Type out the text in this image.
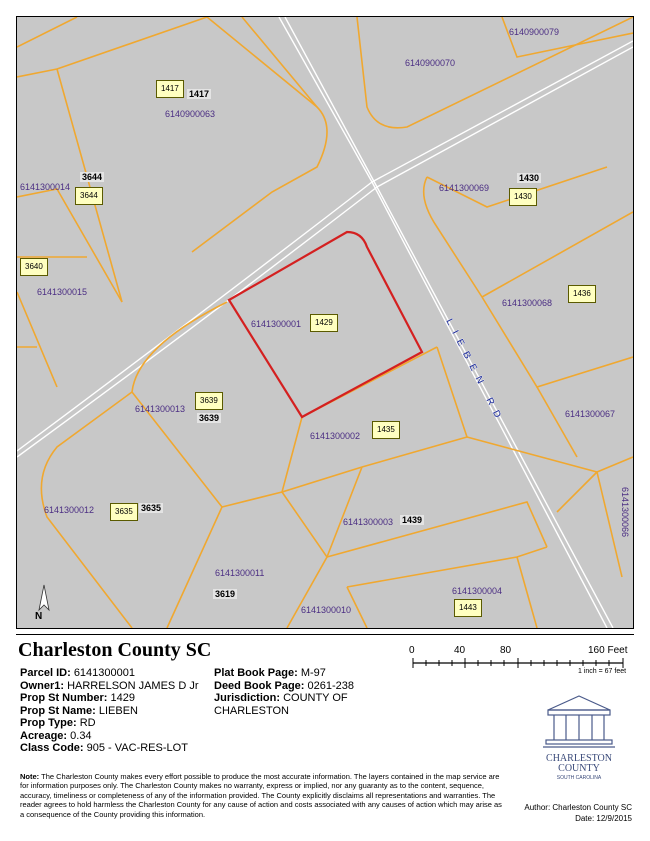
6140900079
6140900070
6140900063
6141300014
6141300015
6141300069
6141300068
6141300001
6141300067
6141300013
6141300002
6141300012
6141300003	6141300066
6141300011
6141300004
6141300010
1417
3644
3640
1430
1436
1429
3639
1435
3635
1443
1417
3644	1430
3639
3635
1439
3619
LIEBEN RD
N
Charleston County SC
Parcel ID: 6141300001
Owner1: HARRELSON JAMES D Jr
Prop St Number: 1429
Prop St Name: LIEBEN
Prop Type: RD
Acreage: 0.34
Class Code: 905 - VAC-RES-LOT
Plat Book Page: M-97
Deed Book Page: 0261-238
Jurisdiction: COUNTY OF
CHARLESTON
0	40	80	160 Feet
1 inch = 67 feet
CHARLESTON
COUNTY
SOUTH CAROLINA
Note: The Charleston County makes every effort possible to produce the most accurate information. The layers contained in the map service are for information purposes only. The Charleston County makes no warranty, express or implied, nor any guaranty as to the content, sequence, accuracy, timeliness or completeness of any of the information provided. The County explicitly disclaims all representations and warranties. The reader agrees to hold harmless the Charleston County for any cause of action and costs associated with any causes of action which may arise as a consequence of the County providing this information.
Author: Charleston County SC
Date: 12/9/2015
